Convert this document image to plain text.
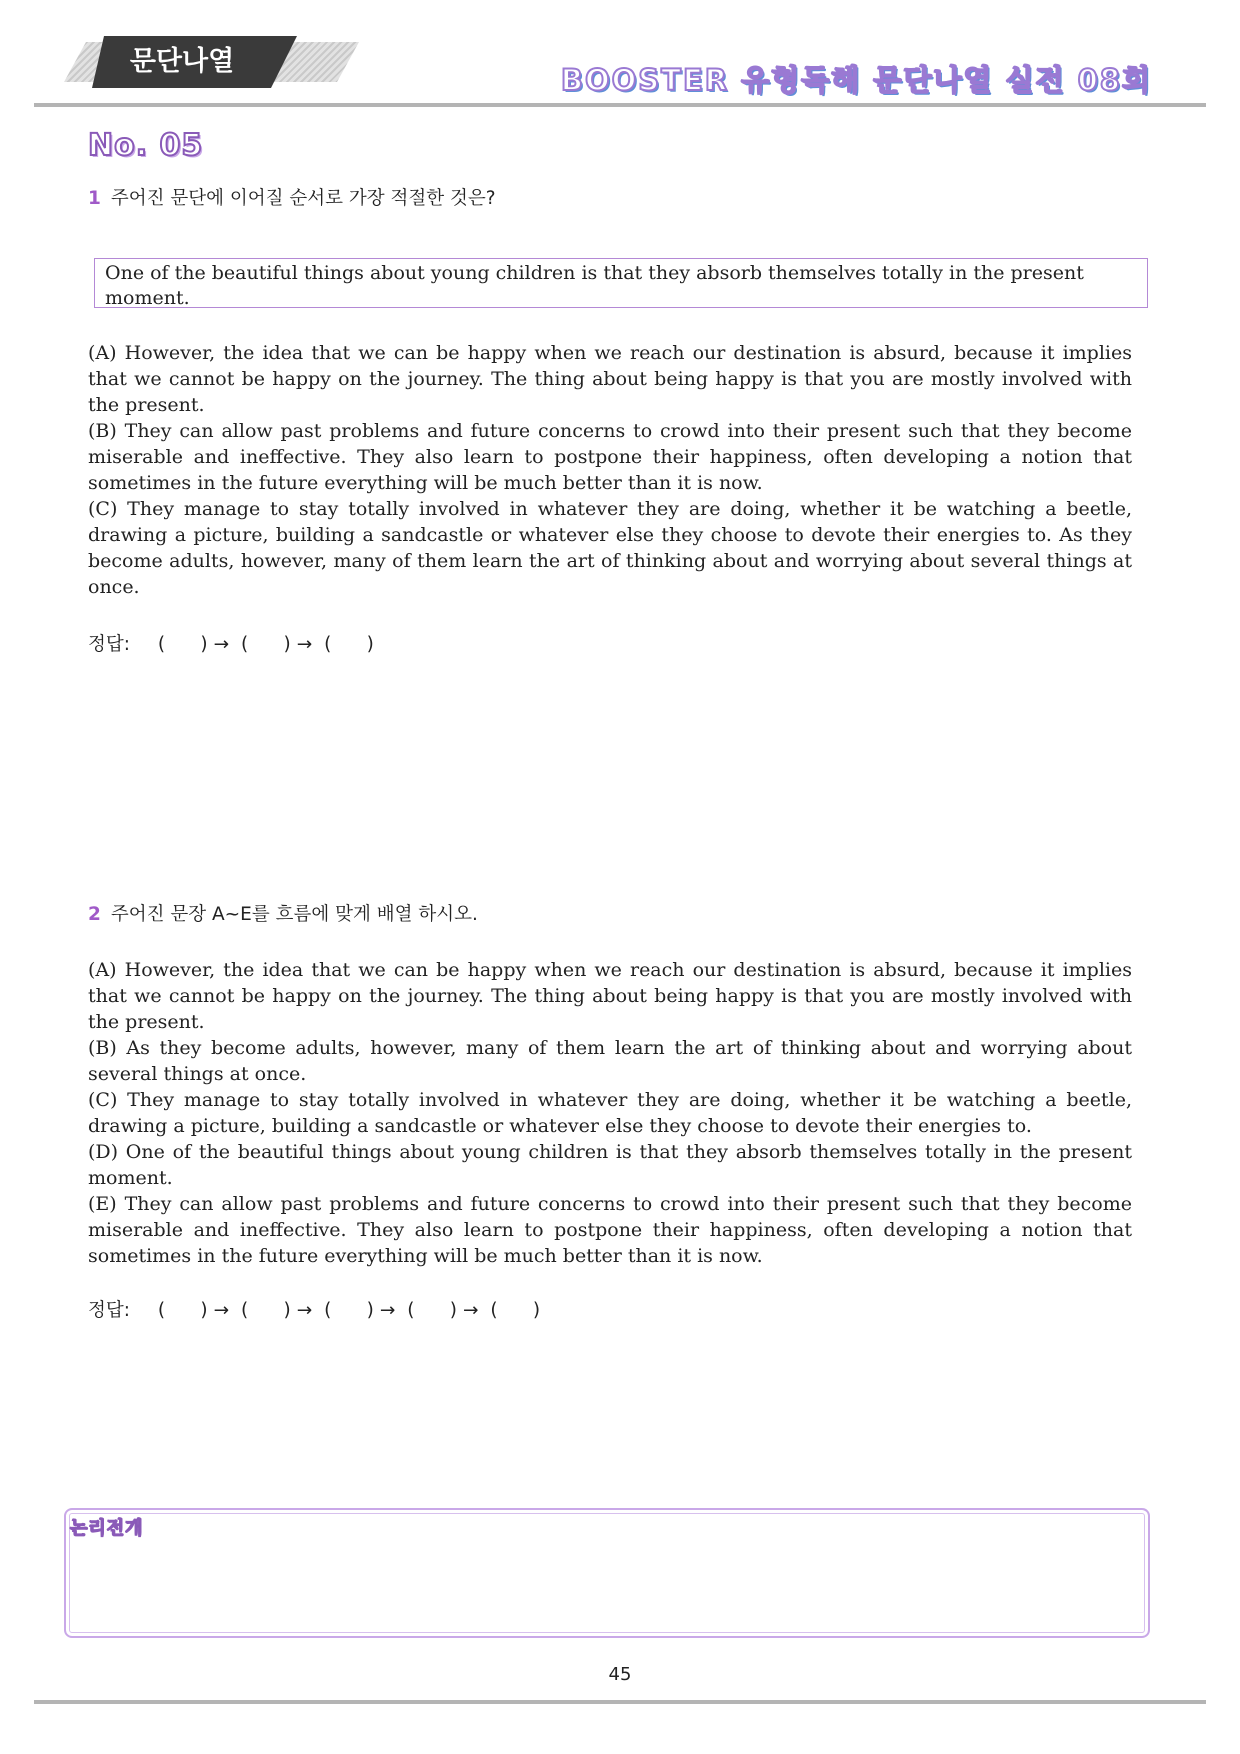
문단나열
BOOSTER 유형독해 문단나열 실전 08회
No. 05
1 주어진 문단에 이어질 순서로 가장 적절한 것은?
One of the beautiful things about young children is that they absorb themselves totally in the present moment.

(A) However, the idea that we can be happy when we reach our destination is absurd, because it implies that we cannot be happy on the journey. The thing about being happy is that you are mostly involved with the present.

(B) They can allow past problems and future concerns to crowd into their present such that they become miserable and ineffective. They also learn to postpone their happiness, often developing a notion that sometimes in the future everything will be much better than it is now.

(C) They manage to stay totally involved in whatever they are doing, whether it be watching a beetle, drawing a picture, building a sandcastle or whatever else they choose to devote their energies to. As they become adults, however, many of them learn the art of thinking about and worrying about several things at once.

정답: (      ) → (      ) → (      )
2 주어진 문장 A~E를 흐름에 맞게 배열 하시오.

(A) However, the idea that we can be happy when we reach our destination is absurd, because it implies that we cannot be happy on the journey. The thing about being happy is that you are mostly involved with the present.

(B) As they become adults, however, many of them learn the art of thinking about and worrying about several things at once.

(C) They manage to stay totally involved in whatever they are doing, whether it be watching a beetle, drawing a picture, building a sandcastle or whatever else they choose to devote their energies to.

(D) One of the beautiful things about young children is that they absorb themselves totally in the present moment.

(E) They can allow past problems and future concerns to crowd into their present such that they become miserable and ineffective. They also learn to postpone their happiness, often developing a notion that sometimes in the future everything will be much better than it is now.

정답: (      ) → (      ) → (      ) → (      ) → (      )
논리전개
45
